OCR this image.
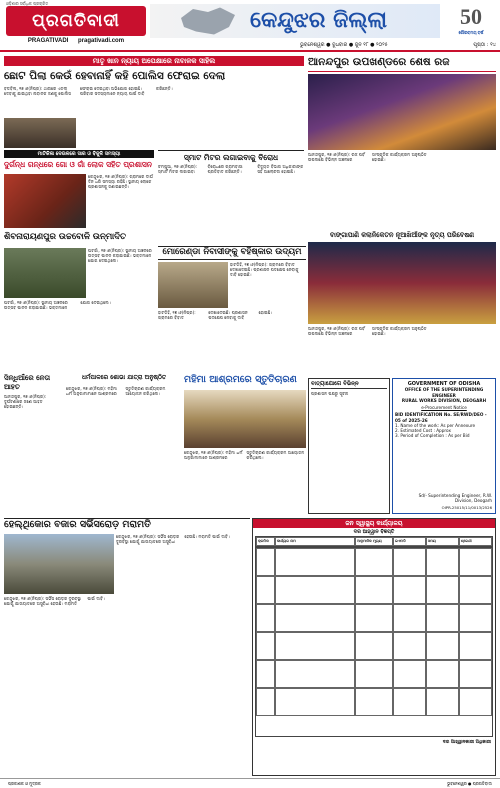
ଓଡ଼ିଶାର ସର୍ବାଧିକ ପ୍ରଚାରିତ
ପ୍ରଗତିବାଦୀ
PRAGATIVADI pragativadi.com
କେନ୍ଦୁଝର ଜିଲ୍ଲା	50
ଗୌରବମୟ ବର୍ଷ
ଭୁବନେଶ୍ୱର ● ବୁଧବାର ● ଜୁନ ୧୮ ● ୨୦୨୫	ପୃଷ୍ଠା : ୧୪
ମାତୃ ଖାନ ନ୍ୟାୟ ଅପେକ୍ଷାରେ ନାବାଳକ ସାହିଲ
ଛୋଟ ପିଲା କେଉଁ ହେବାନାହିଁ କହି ପୋଲିସ ଫେରାଇ ଦେଲା
ବଡବିଲ, ୧୭।୬(ନିପ୍ର): ଥାନାରେ ଏତଲା ଦେବାକୁ ଯାଇଥିବା ନାବାଳକ ଜଣକୁ ପୋଲିସ ଫେରାଇ ଦେଇଥିବା ଅଭିଯୋଗ ହୋଇଛି। ପରିବାର ସଦସ୍ୟମାନେ ନ୍ୟାୟ ପାଇଁ ଦାବି କରିଛନ୍ତି।
ସ୍ମାଟ ମିଟର ଲଗାଇବାକୁ ବିରୋଧ
ଚମ୍ପୁଆ, ୧୭।୬(ନିପ୍ର): ସ୍ମାର୍ଟ ମିଟର ଲଗାଇବା ବିରୋଧରେ ଗ୍ରାମବାସୀ ପ୍ରତିବାଦ କରିଛନ୍ତି। ବିଦ୍ୟୁତ ବିଭାଗ ଅଧିକାରୀଙ୍କ ସହ ଆଲୋଚନା ହୋଇଛି।
ମାଟିକିଳା ଦେଉଳରେ ସାର ଓ ବିଜୁଳି ସମସ୍ୟା
ଦୁର୍ଗନ୍ଧ ଗନ୍ଧରେ ଗୋ ଓ ଗାଁ ଲୋକ ସହିତ ପ୍ରଶାସନ
କେନ୍ଦୁଝର, ୧୭।୬(ନିପ୍ର): ଗ୍ରାମରେ ଦୀର୍ଘ ଦିନ ଧରି ସମସ୍ୟା ରହିଛି। ସ୍ଥାନୀୟ ଲୋକେ ପ୍ରଶାସନକୁ ଜଣାଇଛନ୍ତି।
ଆନନ୍ଦପୁର ଉପଖଣ୍ଡରେ ଶେଷ ରଜ
ଆନନ୍ଦପୁର, ୧୭।୬(ନିପ୍ର): ରଜ ପର୍ବ ଉପଲକ୍ଷେ ବିଭିନ୍ନ ଅଞ୍ଚଳରେ ସାଂସ୍କୃତିକ କାର୍ଯ୍ୟକ୍ରମ ଅନୁଷ୍ଠିତ ହୋଇଛି।
ବାଙ୍ଗାପାଣି କଲାନିକେତନ ନୂଆଖିଆଁଙ୍କ ନୃତ୍ୟ ପରିବେଷଣ
ଆନନ୍ଦପୁର, ୧୭।୬(ନିପ୍ର): ରଜ ପର୍ବ ଉପଲକ୍ଷେ ବିଭିନ୍ନ ଅଞ୍ଚଳରେ ସାଂସ୍କୃତିକ କାର୍ଯ୍ୟକ୍ରମ ଅନୁଷ୍ଠିତ ହୋଇଛି।
ଶିବନାରାୟଣପୁର ଉଚ୍ଚବୋଳି ଉନ୍ମାଦିତ
ଘଟଗାଁ, ୧୭।୬(ନିପ୍ର): ସ୍ଥାନୀୟ ଅଞ୍ଚଳରେ ଉତ୍ସବ ପାଳନ କରାଯାଇଛି। ଭକ୍ତମାନେ ଯୋଗ ଦେଇଥିଲେ।
ଘଟଗାଁ, ୧୭।୬(ନିପ୍ର): ସ୍ଥାନୀୟ ଅଞ୍ଚଳରେ ଉତ୍ସବ ପାଳନ କରାଯାଇଛି। ଭକ୍ତମାନେ ଯୋଗ ଦେଇଥିଲେ।
ମୋରେଣ୍ଡା ନିବାସୀଙ୍କୁ ବହିଷ୍କାର ଉଦ୍ୟମ
ହାଟଡିହି, ୧୭।୬(ନିପ୍ର): ଗ୍ରାମରେ ବିବାଦ ଦେଖାଦେଇଛି। ପ୍ରଶାସନ ପଦକ୍ଷେପ ନେବାକୁ ଦାବି ହୋଇଛି।
ହାଟଡିହି, ୧୭।୬(ନିପ୍ର): ଗ୍ରାମରେ ବିବାଦ ଦେଖାଦେଇଛି। ପ୍ରଶାସନ ପଦକ୍ଷେପ ନେବାକୁ ଦାବି ହୋଇଛି।
ସିନ୍ଧିଆଁରେ ନେତା ଆହତ
ଆନନ୍ଦପୁର, ୧୭।୬(ନିପ୍ର): ଦୁର୍ଘଟଣାରେ ଜଣେ ଆହତ ହୋଇଛନ୍ତି।
ଧର୍ମପାଳରେ ଶୋଭା ଯାତ୍ରା ଅନୁଷ୍ଠିତ
କେନ୍ଦୁଝର, ୧୭।୬(ନିପ୍ର): ମହିମା ଧର୍ମ ଅନୁଗାମୀମାନେ ଆଶ୍ରମରେ ସ୍ତୁତିଚାରଣ କାର୍ଯ୍ୟକ୍ରମ ଆୟୋଜନ କରିଥିଲେ।
ମହିମା ଆଶ୍ରମରେ ସ୍ତୁତିଚାରଣ
କେନ୍ଦୁଝର, ୧୭।୬(ନିପ୍ର): ମହିମା ଧର୍ମ ଅନୁଗାମୀମାନେ ଆଶ୍ରମରେ ସ୍ତୁତିଚାରଣ କାର୍ଯ୍ୟକ୍ରମ ଆୟୋଜନ କରିଥିଲେ।
ବାତ୍ୟାଯୋଗେ ବିଭିନ୍ନ
ପ୍ରଶାସନ ପକ୍ଷରୁ ସୂଚନା
GOVERNMENT OF ODISHA
OFFICE OF THE SUPERINTENDING ENGINEER
RURAL WORKS DIVISION, DEOGARH
e-Procurement Notice
BID IDENTIFICATION No. SE/RWD/DEO - 05 of 2025-26
1. Name of the work: As per Annexure
2. Estimated Cost : Approx
3. Period of Completion : As per Bid
Sd/- Superintending Engineer, R.W. Division, Deogarh
OIPR-25015/11/0013/2526
ହେଲ୍ଥିକୋର ବଜାର ସର୍ଭିସରୋଡ଼ ମରାମତି
କେନ୍ଦୁଝର, ୧୭।୬(ନିପ୍ର): ସର୍ଭିସ ରୋଡ଼ର ଦୁରବସ୍ଥା ଯୋଗୁଁ ଯାତାୟାତରେ ଅସୁବିଧା ହେଉଛି। ମରାମତି ପାଇଁ ଦାବି।
କେନ୍ଦୁଝର, ୧୭।୬(ନିପ୍ର): ସର୍ଭିସ ରୋଡ଼ର ଦୁରବସ୍ଥା ଯୋଗୁଁ ଯାତାୟାତରେ ଅସୁବିଧା ହେଉଛି। ମରାମତି ପାଇଁ ଦାବି।
ଜନ ସ୍ୱାସ୍ଥ୍ୟ କାର୍ଯ୍ୟାଳୟ
ଦର ଆହ୍ୱାନ ବିଜ୍ଞପ୍ତି
କ୍ରମିକ	କାର୍ଯ୍ୟର ନାମ	ଆନୁମାନିକ ମୂଲ୍ୟ	ଇଏମଡି	ସମୟ	ଶ୍ରେଣୀ
ଦର ଆହ୍ୱାନକାରୀ ଅଧିକାରୀ
ପ୍ରକାଶକ ଓ ମୁଦ୍ରକ	ଭୁବନେଶ୍ୱର ● ପ୍ରଗତିବାଦୀ
